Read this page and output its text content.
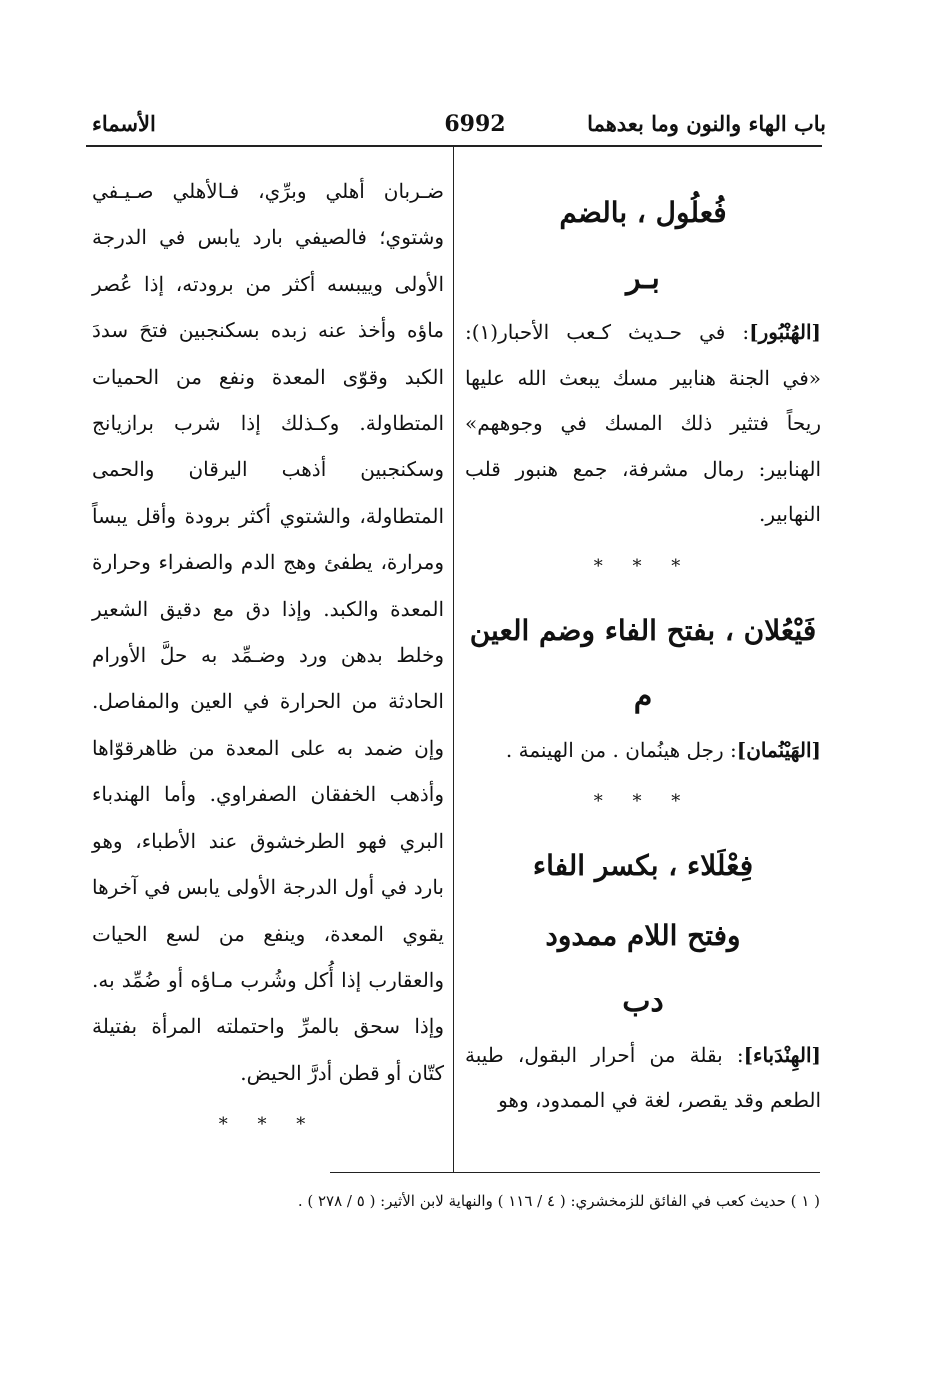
باب الهاء والنون وما بعدهما
6992
الأسماء
فُعلُول ، بالضم
بـر
[الهُنْبُور]: في حـديث كـعب الأحبار(١): «في الجنة هنابير مسك يبعث الله عليها ريحاً فتثير ذلك المسك في وجوههم» الهنابير: رمال مشرفة، جمع هنبور قلب النهابير.
* * *
فَيْعُلان ، بفتح الفاء وضم العين
م
[الهَيْنُمان]: رجل هينُمان . من الهينمة .
* * *
فِعْلَلاء ، بكسر الفاء
وفتح اللام ممدود
دب
[الهِنْدَباء]: بقلة من أحرار البقول، طيبة الطعم وقد يقصر، لغة في الممدود، وهو
ضـربان أهلي وبرِّي، فـالأهلي صـيـفي وشتوي؛ فالصيفي بارد يابس في الدرجة الأولى وييبسه أكثر من برودته، إذا عُصر ماؤه وأخذ عنه زبده بسكنجبين فتحَ سددَ الكبد وقوّى المعدة ونفع من الحميات المتطاولة. وكـذلك إذا شرب برازيانج وسكنجبين أذهب اليرقان والحمى المتطاولة، والشتوي أكثر برودة وأقل يبساً ومرارة، يطفئ وهج الدم والصفراء وحرارة المعدة والكبد. وإذا دق مع دقيق الشعير وخلط بدهن ورد وضـمِّد به حلَّ الأورام الحادثة من الحرارة في العين والمفاصل. وإن ضمد به على المعدة من ظاهرقوّاها وأذهب الخفقان الصفراوي. وأما الهندباء البري فهو الطرخشوق عند الأطباء، وهو بارد في أول الدرجة الأولى يابس في آخرها يقوي المعدة، وينفع من لسع الحيات والعقارب إذا أُكل وشُرب مـاؤه أو ضُمِّد به. وإذا سحق بالمرِّ واحتملته المرأة بفتيلة كتّان أو قطن أدرَّ الحيض.
* * *
( ١ ) حديث كعب في الفائق للزمخشري: ( ٤ / ١١٦ ) والنهاية لابن الأثير: ( ٥ / ٢٧٨ ) .
